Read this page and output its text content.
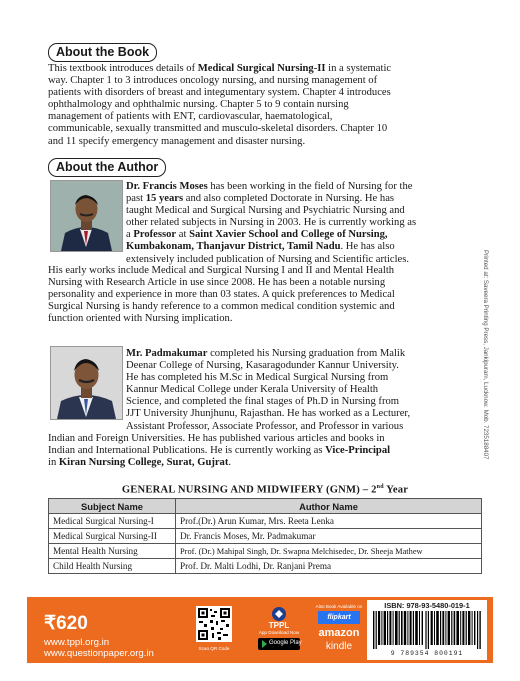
About the Book
This textbook introduces details of Medical Surgical Nursing-II in a systematic
way. Chapter 1 to 3 introduces oncology nursing, and nursing management of
patients with disorders of breast and integumentary system. Chapter 4 introduces
ophthalmology and ophthalmic nursing. Chapter 5 to 9 contain nursing
management of patients with ENT, cardiovascular, haematological,
communicable, sexually transmitted and musculo-skeletal disorders. Chapter 10
and 11 specify emergency management and disaster nursing.
About the Author
Dr. Francis Moses has been working in the field of Nursing for the
past 15 years and also completed Doctorate in Nursing. He has
taught Medical and Surgical Nursing and Psychiatric Nursing and
other related subjects in Nursing in 2003. He is currently working as
a Professor at Saint Xavier School and College of Nursing,
Kumbakonam, Thanjavur District, Tamil Nadu. He has also
extensively included publication of Nursing and Scientific articles.
His early works include Medical and Surgical Nursing I and II and Mental Health
Nursing with Research Article in use since 2008. He has been a notable nursing
personality and experience in more than 03 states. A quick preferences to Medical
Surgical Nursing is handy reference to a common medical condition systemic and
function oriented with Nursing implication.
Mr. Padmakumar completed his Nursing graduation from Malik
Deenar College of Nursing, Kasaragodunder Kannur University.
He has completed his M.Sc in Medical Surgical Nursing from
Kannur Medical College under Kerala University of Health
Science, and completed the final stages of Ph.D in Nursing from
JJT University Jhunjhunu, Rajasthan. He has worked as a Lecturer,
Assistant Professor, Associate Professor, and Professor in various
Indian and Foreign Universities. He has published various articles and books in
Indian and International Publications. He is currently working as Vice-Principal
in Kiran Nursing College, Surat, Gujrat.
Printed at: Saveera Printing Press, Jankipuram, Lucknow. Mob. 7235188407
GENERAL NURSING AND MIDWIFERY (GNM) – 2nd Year
Subject Name	Author Name
Medical Surgical Nursing-I	Prof.(Dr.) Arun Kumar, Mrs. Reeta Lenka
Medical Surgical Nursing-II	Dr. Francis Moses, Mr. Padmakumar
Mental Health Nursing	Prof. (Dr.) Mahipal Singh, Dr. Swapna Melchisedec, Dr. Sheeja Mathew
Child Health Nursing	Prof. Dr. Malti Lodhi, Dr. Ranjani Prema
₹620
www.tppl.org.in
www.questionpaper.org.in	Scan QR Code
TPPL
App Download Now
Google Play
Also Book Available on
flipkart
amazon
kindle
ISBN: 978-93-5480-019-1
9 789354 800191
